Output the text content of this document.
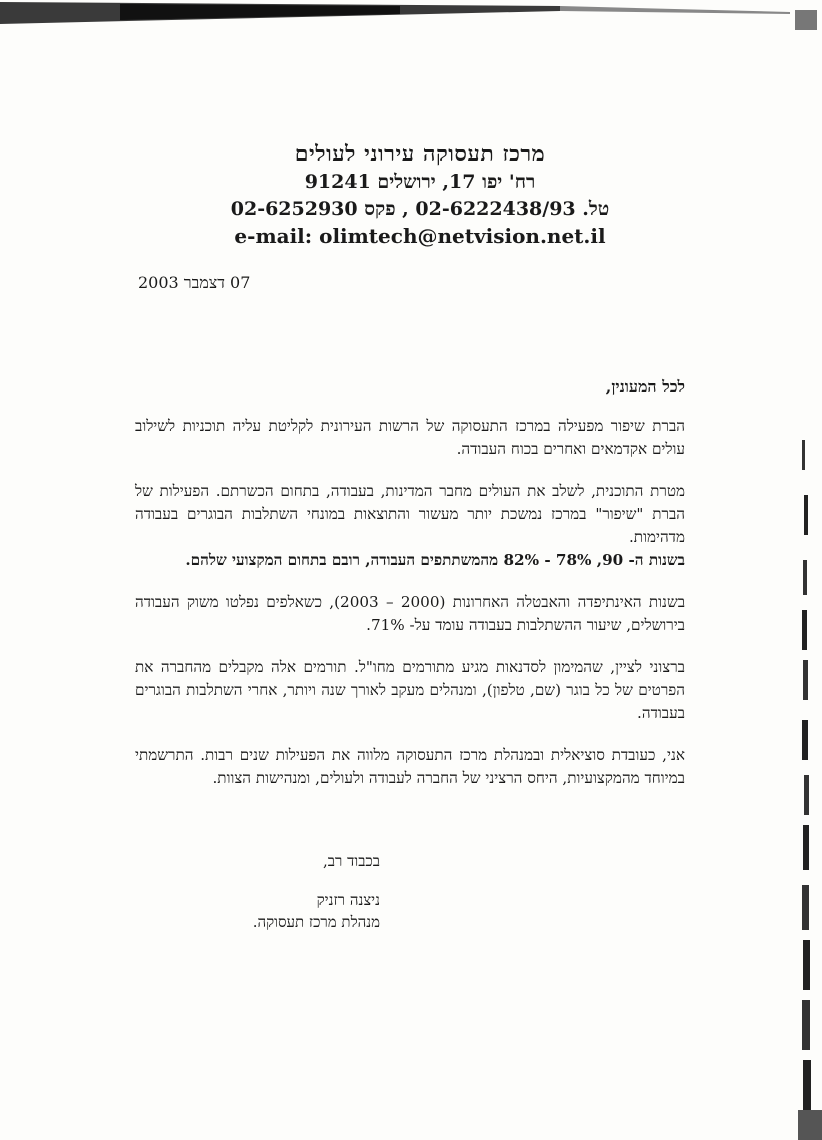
מרכז תעסוקה עירוני לעולים
רח' יפו 17, ירושלים 91241
טל. 02-6222438/93 , פקס 02-6252930
e-mail: olimtech@netvision.net.il
07 דצמבר 2003

לכל המעונין,

הברת שיפור מפעילה במרכז התעסוקה של הרשות העירונית לקליטת עליה תוכניות לשילוב עולים אקדמאים ואחרים בכוח העבודה.

מטרת התוכנית, לשלב את העולים מחבר המדינות, בעבודה, בתחום הכשרתם. הפעילות של הברת "שיפור" במרכז נמשכת יותר מעשור והתוצאות במונחי השתלבות הבוגרים בעבודה מדהימות.

בשנות ה- 90, 78% - 82% מהמשתתפים העבודה, רובם בתחום המקצועי שלהם.

בשנות האינתיפדה והאבטלה האחרונות (2000 – 2003), כשאלפים נפלטו משוק העבודה בירושלים, שיעור ההשתלבות בעבודה עומד על- 71%.

ברצוני לציין, שהמימון לסדנאות מגיע מתורמים מחו"ל. תורמים אלה מקבלים מהחברה את הפרטים של כל בוגר (שם, טלפון), ומנהלים מעקב לאורך שנה ויותר, אחרי השתלבות הבוגרים בעבודה.

אני, כעובדת סוציאלית ובמנהלת מרכז התעסוקה מלווה את הפעילות שנים רבות. התרשמתי במיוחד מהמקצועיות, היחס הרציני של החברה לעבודה ולעולים, ומנהישות הצוות.

בכבוד רב,
ניצנה רזניק
מנהלת מרכז תעסוקה.
